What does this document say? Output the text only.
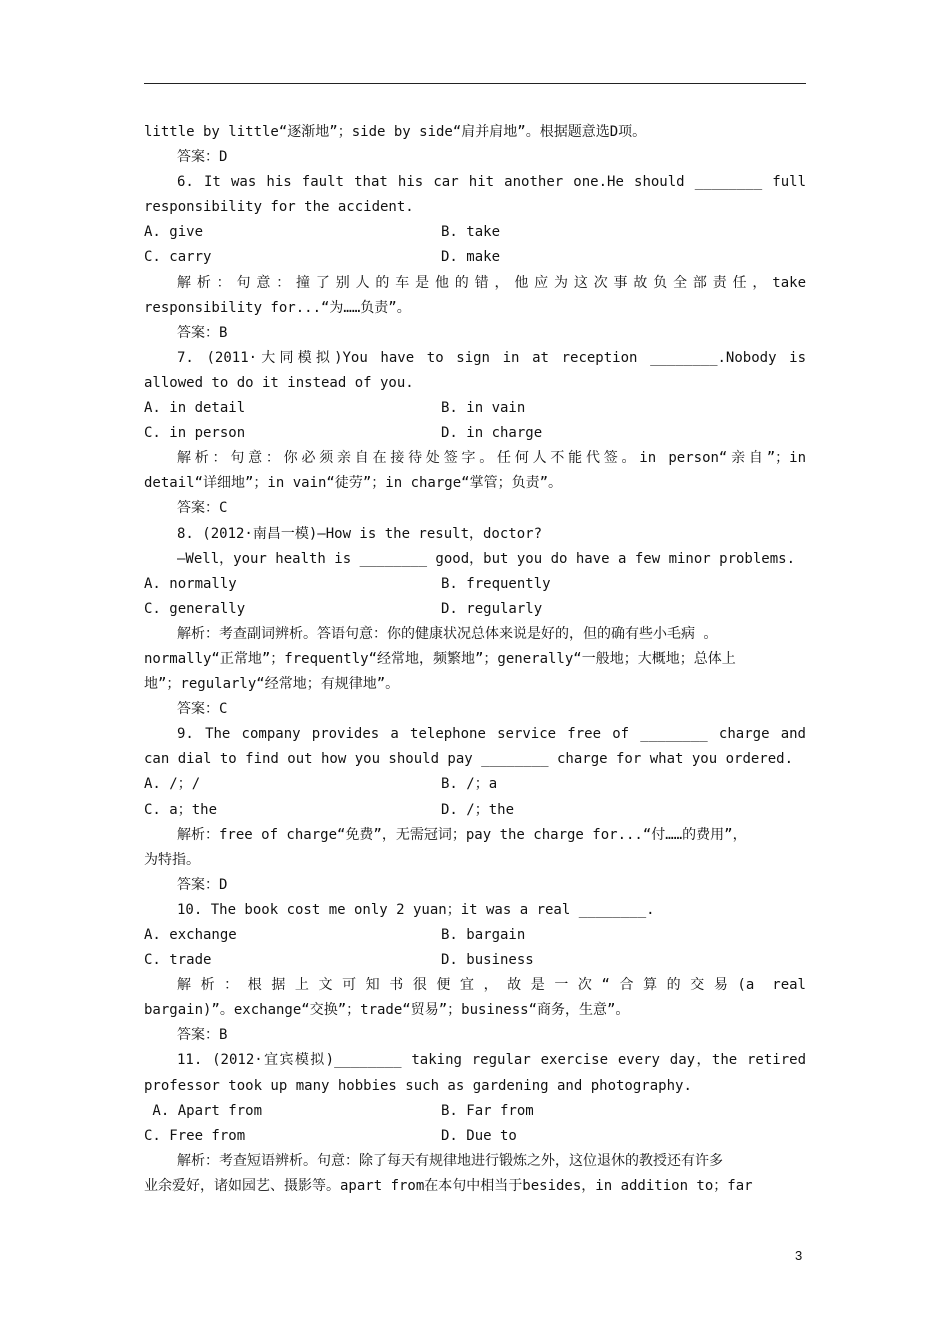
little by little“逐渐地”；side by side“肩并肩地”。根据题意选D项。
答案：D
6. It was his fault that his car hit another one.He should ________ full
responsibility for the accident.
A. give	B. take
C. carry	D. make
解析：句意：撞了别人的车是他的错，他应为这次事故负全部责任，take
responsibility for...“为……负责”。
答案：B
7. (2011·大同模拟)You have to sign in at reception ________.Nobody is
allowed to do it instead of you.
A. in detail	B. in vain
C. in person	D. in charge
解析：句意：你必须亲自在接待处签字。任何人不能代签。in person“亲自”；in
detail“详细地”；in vain“徒劳”；in charge“掌管；负责”。
答案：C
8. (2012·南昌一模)—How is the result，doctor?
—Well，your health is ________ good，but you do have a few minor problems.
A. normally	B. frequently
C. generally	D. regularly
解析：考查副词辨析。答语句意：你的健康状况总体来说是好的，但的确有些小毛病 。
normally“正常地”；frequently“经常地，频繁地”；generally“一般地；大概地；总体上
地”；regularly“经常地；有规律地”。
答案：C
9. The company provides a telephone service free of ________ charge and
can dial to find out how you should pay ________ charge for what you ordered.
A. /；/	B. /；a
C. a；the	D. /；the
解析：free of charge“免费”，无需冠词；pay the charge for...“付……的费用”，
为特指。
答案：D
10. The book cost me only 2 yuan；it was a real ________.
A. exchange	B. bargain
C. trade	D. business
解析：根据上文可知书很便宜，故是一次“合算的交易(a real
bargain)”。exchange“交换”；trade“贸易”；business“商务，生意”。
答案：B
11. (2012·宜宾模拟)________ taking regular exercise every day，the retired
professor took up many hobbies such as gardening and photography.
A. Apart from	B. Far from
C. Free from	D. Due to
解析：考查短语辨析。句意：除了每天有规律地进行锻炼之外，这位退休的教授还有许多
业余爱好，诸如园艺、摄影等。apart from在本句中相当于besides，in addition to；far
3
